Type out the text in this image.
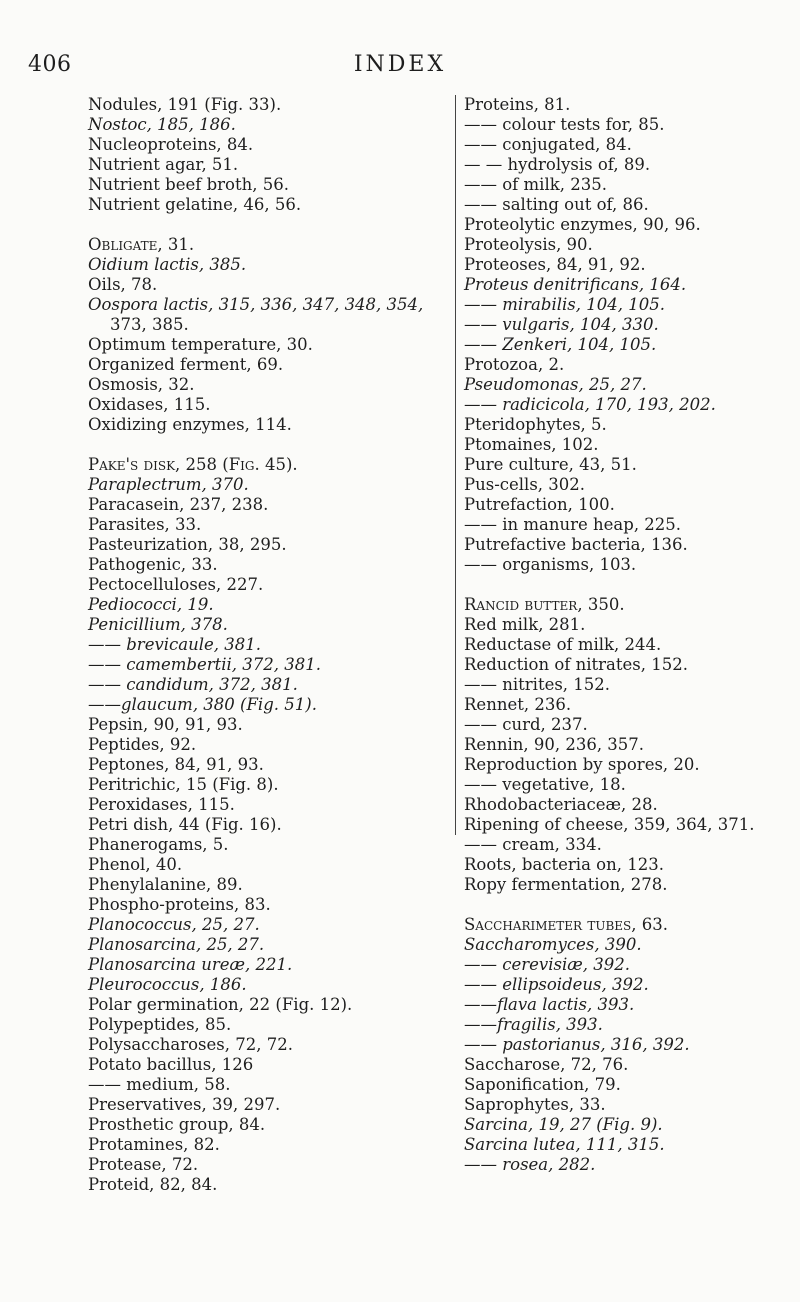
406	INDEX
Nodules, 191 (Fig. 33).
Nostoc, 185, 186.
Nucleoproteins, 84.
Nutrient agar, 51.
Nutrient beef broth, 56.
Nutrient gelatine, 46, 56.
Obligate, 31.
Oidium lactis, 385.
Oils, 78.
Oospora lactis, 315, 336, 347, 348, 354,
373, 385.
Optimum temperature, 30.
Organized ferment, 69.
Osmosis, 32.
Oxidases, 115.
Oxidizing enzymes, 114.
Pake's disk, 258 (Fig. 45).
Paraplectrum, 370.
Paracasein, 237, 238.
Parasites, 33.
Pasteurization, 38, 295.
Pathogenic, 33.
Pectocelluloses, 227.
Pediococci, 19.
Penicillium, 378.
—— brevicaule, 381.
—— camembertii, 372, 381.
—— candidum, 372, 381.
——glaucum, 380 (Fig. 51).
Pepsin, 90, 91, 93.
Peptides, 92.
Peptones, 84, 91, 93.
Peritrichic, 15 (Fig. 8).
Peroxidases, 115.
Petri dish, 44 (Fig. 16).
Phanerogams, 5.
Phenol, 40.
Phenylalanine, 89.
Phospho-proteins, 83.
Planococcus, 25, 27.
Planosarcina, 25, 27.
Planosarcina ureæ, 221.
Pleurococcus, 186.
Polar germination, 22 (Fig. 12).
Polypeptides, 85.
Polysaccharoses, 72, 72.
Potato bacillus, 126
—— medium, 58.
Preservatives, 39, 297.
Prosthetic group, 84.
Protamines, 82.
Protease, 72.
Proteid, 82, 84.
Proteins, 81.
—— colour tests for, 85.
—— conjugated, 84.
— — hydrolysis of, 89.
—— of milk, 235.
—— salting out of, 86.
Proteolytic enzymes, 90, 96.
Proteolysis, 90.
Proteoses, 84, 91, 92.
Proteus denitrificans, 164.
—— mirabilis, 104, 105.
—— vulgaris, 104, 330.
—— Zenkeri, 104, 105.
Protozoa, 2.
Pseudomonas, 25, 27.
—— radicicola, 170, 193, 202.
Pteridophytes, 5.
Ptomaines, 102.
Pure culture, 43, 51.
Pus-cells, 302.
Putrefaction, 100.
—— in manure heap, 225.
Putrefactive bacteria, 136.
—— organisms, 103.
Rancid butter, 350.
Red milk, 281.
Reductase of milk, 244.
Reduction of nitrates, 152.
—— nitrites, 152.
Rennet, 236.
—— curd, 237.
Rennin, 90, 236, 357.
Reproduction by spores, 20.
—— vegetative, 18.
Rhodobacteriaceæ, 28.
Ripening of cheese, 359, 364, 371.
—— cream, 334.
Roots, bacteria on, 123.
Ropy fermentation, 278.
Saccharimeter tubes, 63.
Saccharomyces, 390.
—— cerevisiæ, 392.
—— ellipsoideus, 392.
——flava lactis, 393.
——fragilis, 393.
—— pastorianus, 316, 392.
Saccharose, 72, 76.
Saponification, 79.
Saprophytes, 33.
Sarcina, 19, 27 (Fig. 9).
Sarcina lutea, 111, 315.
—— rosea, 282.
